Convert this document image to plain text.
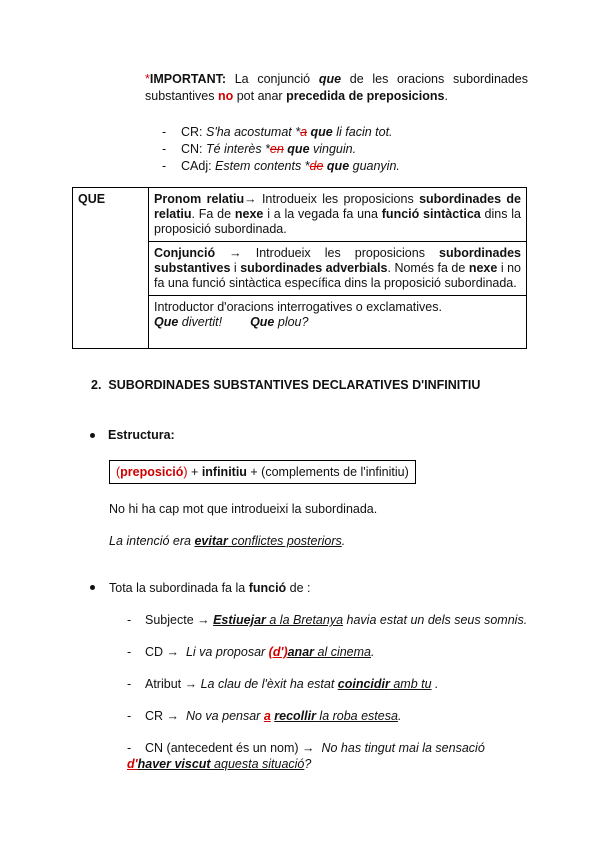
*IMPORTANT: La conjunció que de les oracions subordinades substantives no pot anar precedida de preposicions.
-	CR: S'ha acostumat *a que li facin tot.
-	CN: Té interès *en que vinguin.
-	CAdj: Estem contents *de que guanyin.
QUE	Pronom relatiu→ Introdueix les proposicions subordinades de relatiu. Fa de nexe i a la vegada fa una funció sintàctica dins la proposició subordinada.
Conjunció → Introdueix les proposicions subordinades substantives i subordinades adverbials. Només fa de nexe i no fa una funció sintàctica específica dins la proposició subordinada.

Introductor d'oracions interrogatives o exclamatives.
Que divertit! Que plou?
2. SUBORDINADES SUBSTANTIVES DECLARATIVES D'INFINITIU
Estructura:
(preposició) + infinitiu + (complements de l'infinitiu)
No hi ha cap mot que introdueixi la subordinada.
La intenció era evitar conflictes posteriors.
Tota la subordinada fa la funció de :
- Subjecte → Estiuejar a la Bretanya havia estat un dels seus somnis.
- CD →  Li va proposar (d')anar al cinema.
- Atribut → La clau de l'èxit ha estat coincidir amb tu .
- CR →  No va pensar a recollir la roba estesa.
- CN (antecedent és un nom) →  No has tingut mai la sensació d'haver viscut aquesta situació?
